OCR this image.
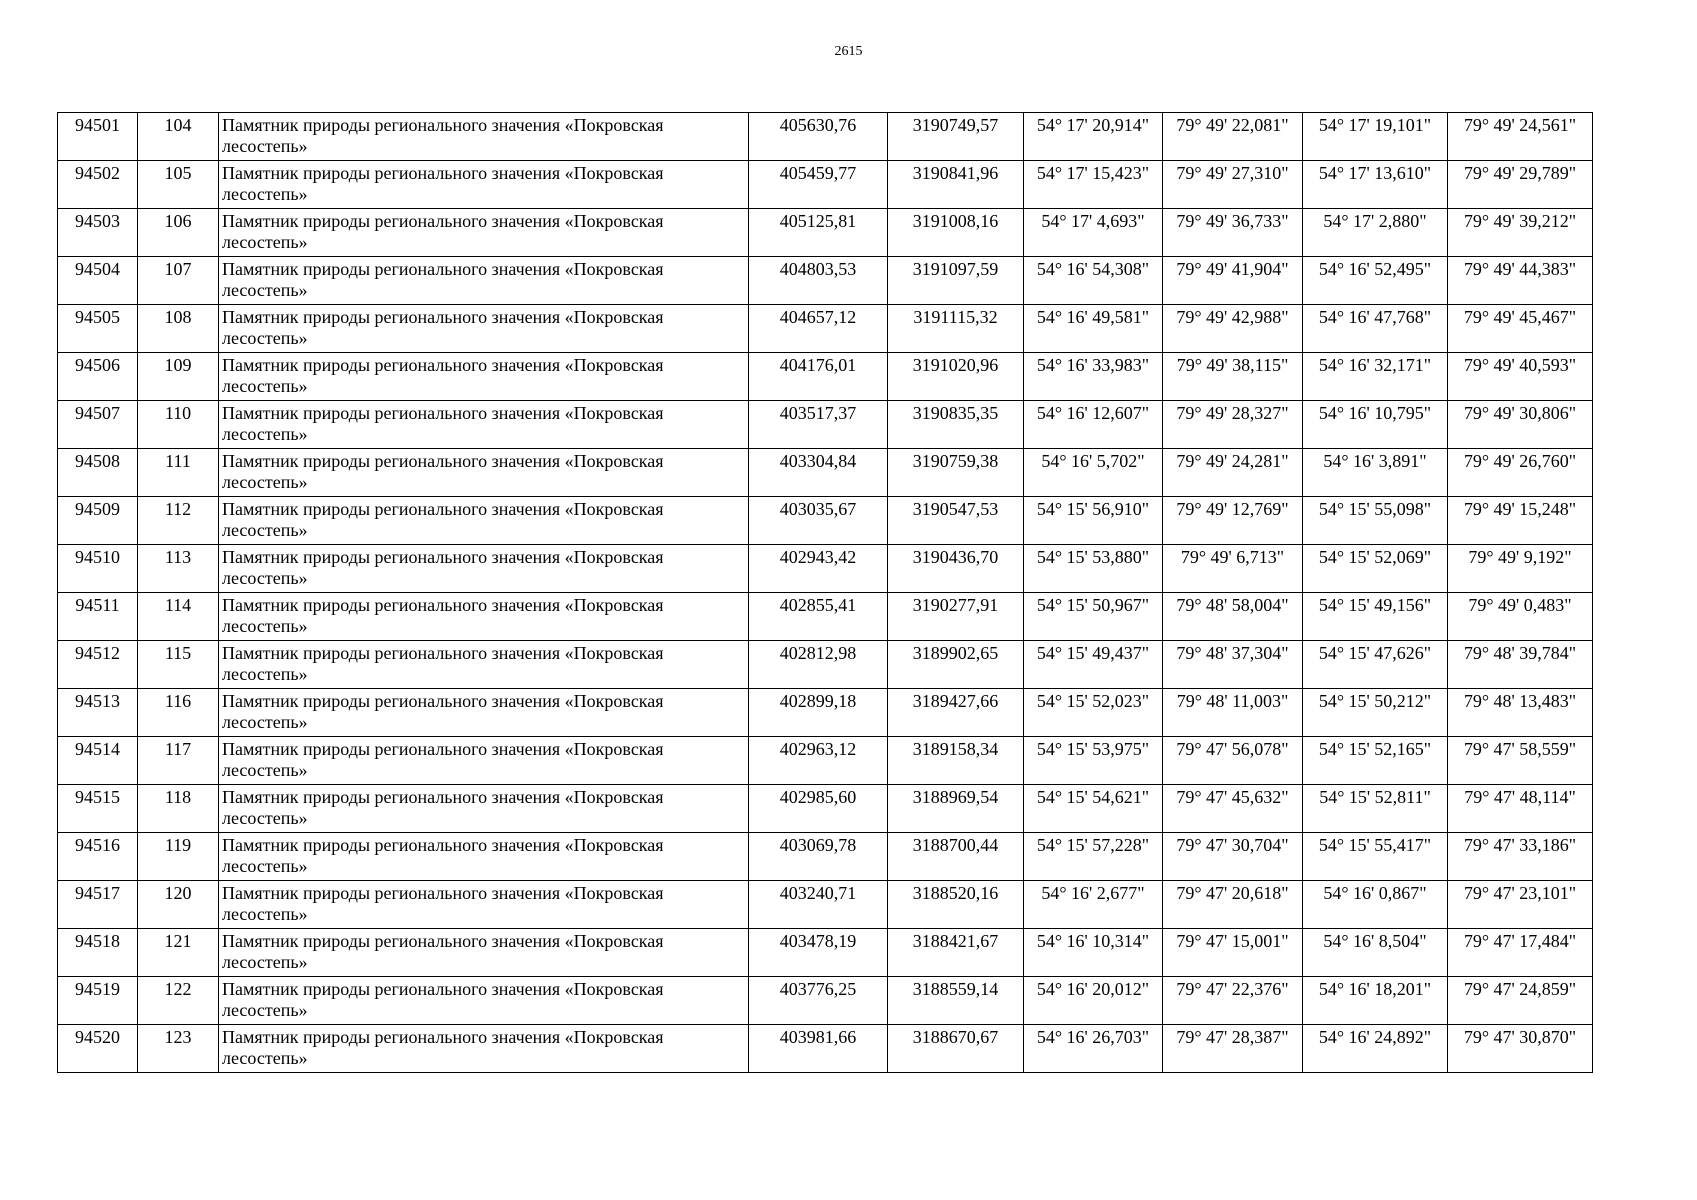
2615
94501	104	Памятник природы регионального значения «Покровская лесостепь»	405630,76	3190749,57	54° 17' 20,914"	79° 49' 22,081"	54° 17' 19,101"	79° 49' 24,561"
94502	105	Памятник природы регионального значения «Покровская лесостепь»	405459,77	3190841,96	54° 17' 15,423"	79° 49' 27,310"	54° 17' 13,610"	79° 49' 29,789"
94503	106	Памятник природы регионального значения «Покровская лесостепь»	405125,81	3191008,16	54° 17' 4,693"	79° 49' 36,733"	54° 17' 2,880"	79° 49' 39,212"
94504	107	Памятник природы регионального значения «Покровская лесостепь»	404803,53	3191097,59	54° 16' 54,308"	79° 49' 41,904"	54° 16' 52,495"	79° 49' 44,383"
94505	108	Памятник природы регионального значения «Покровская лесостепь»	404657,12	3191115,32	54° 16' 49,581"	79° 49' 42,988"	54° 16' 47,768"	79° 49' 45,467"
94506	109	Памятник природы регионального значения «Покровская лесостепь»	404176,01	3191020,96	54° 16' 33,983"	79° 49' 38,115"	54° 16' 32,171"	79° 49' 40,593"
94507	110	Памятник природы регионального значения «Покровская лесостепь»	403517,37	3190835,35	54° 16' 12,607"	79° 49' 28,327"	54° 16' 10,795"	79° 49' 30,806"
94508	111	Памятник природы регионального значения «Покровская лесостепь»	403304,84	3190759,38	54° 16' 5,702"	79° 49' 24,281"	54° 16' 3,891"	79° 49' 26,760"
94509	112	Памятник природы регионального значения «Покровская лесостепь»	403035,67	3190547,53	54° 15' 56,910"	79° 49' 12,769"	54° 15' 55,098"	79° 49' 15,248"
94510	113	Памятник природы регионального значения «Покровская лесостепь»	402943,42	3190436,70	54° 15' 53,880"	79° 49' 6,713"	54° 15' 52,069"	79° 49' 9,192"
94511	114	Памятник природы регионального значения «Покровская лесостепь»	402855,41	3190277,91	54° 15' 50,967"	79° 48' 58,004"	54° 15' 49,156"	79° 49' 0,483"
94512	115	Памятник природы регионального значения «Покровская лесостепь»	402812,98	3189902,65	54° 15' 49,437"	79° 48' 37,304"	54° 15' 47,626"	79° 48' 39,784"
94513	116	Памятник природы регионального значения «Покровская лесостепь»	402899,18	3189427,66	54° 15' 52,023"	79° 48' 11,003"	54° 15' 50,212"	79° 48' 13,483"
94514	117	Памятник природы регионального значения «Покровская лесостепь»	402963,12	3189158,34	54° 15' 53,975"	79° 47' 56,078"	54° 15' 52,165"	79° 47' 58,559"
94515	118	Памятник природы регионального значения «Покровская лесостепь»	402985,60	3188969,54	54° 15' 54,621"	79° 47' 45,632"	54° 15' 52,811"	79° 47' 48,114"
94516	119	Памятник природы регионального значения «Покровская лесостепь»	403069,78	3188700,44	54° 15' 57,228"	79° 47' 30,704"	54° 15' 55,417"	79° 47' 33,186"
94517	120	Памятник природы регионального значения «Покровская лесостепь»	403240,71	3188520,16	54° 16' 2,677"	79° 47' 20,618"	54° 16' 0,867"	79° 47' 23,101"
94518	121	Памятник природы регионального значения «Покровская лесостепь»	403478,19	3188421,67	54° 16' 10,314"	79° 47' 15,001"	54° 16' 8,504"	79° 47' 17,484"
94519	122	Памятник природы регионального значения «Покровская лесостепь»	403776,25	3188559,14	54° 16' 20,012"	79° 47' 22,376"	54° 16' 18,201"	79° 47' 24,859"
94520	123	Памятник природы регионального значения «Покровская лесостепь»	403981,66	3188670,67	54° 16' 26,703"	79° 47' 28,387"	54° 16' 24,892"	79° 47' 30,870"
